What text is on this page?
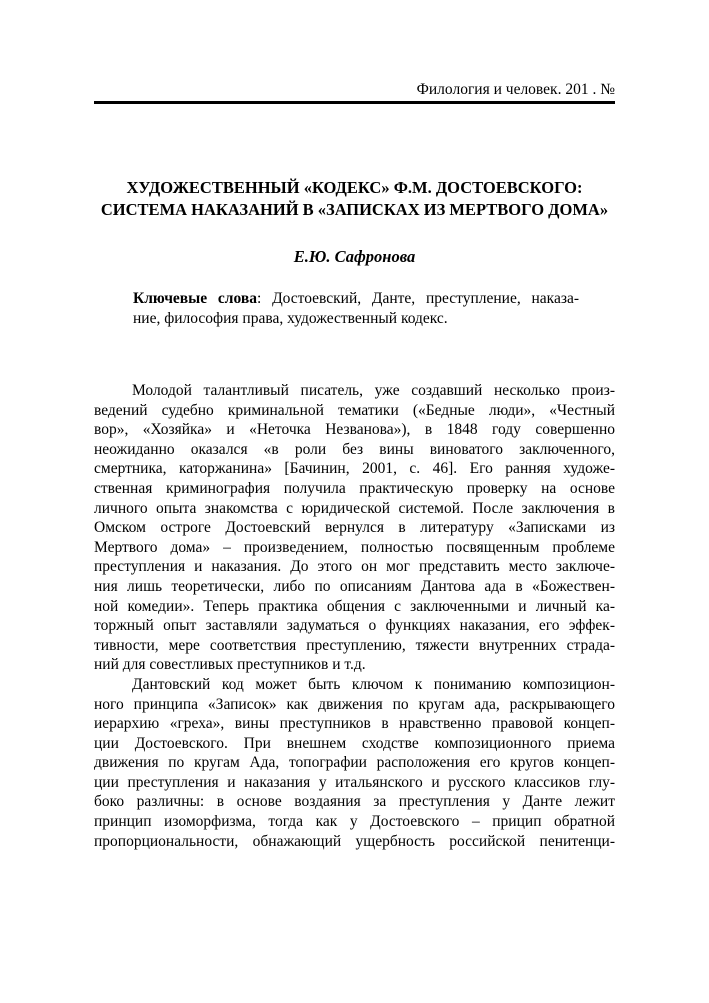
Филология и человек. 201 . №
ХУДОЖЕСТВЕННЫЙ «КОДЕКС» Ф.М. ДОСТОЕВСКОГО:
СИСТЕМА НАКАЗАНИЙ В «ЗАПИСКАХ ИЗ МЕРТВОГО ДОМА»
Е.Ю. Сафронова
Ключевые слова: Достоевский, Данте, преступление, наказа-
ние, философия права, художественный кодекс.
Молодой талантливый писатель, уже создавший несколько произ-
ведений судебно криминальной тематики («Бедные люди», «Честный
вор», «Хозяйка» и «Неточка Незванова»), в 1848 году совершенно
неожиданно оказался «в роли без вины виноватого заключенного,
смертника, каторжанина» [Бачинин, 2001, с. 46]. Его ранняя художе-
ственная криминография получила практическую проверку на основе
личного опыта знакомства с юридической системой. После заключения в
Омском остроге Достоевский вернулся в литературу «Записками из
Мертвого дома» – произведением, полностью посвященным проблеме
преступления и наказания. До этого он мог представить место заключе-
ния лишь теоретически, либо по описаниям Дантова ада в «Божествен-
ной комедии». Теперь практика общения с заключенными и личный ка-
торжный опыт заставляли задуматься о функциях наказания, его эффек-
тивности, мере соответствия преступлению, тяжести внутренних страда-
ний для совестливых преступников и т.д.
Дантовский код может быть ключом к пониманию композицион-
ного принципа «Записок» как движения по кругам ада, раскрывающего
иерархию «греха», вины преступников в нравственно правовой концеп-
ции Достоевского. При внешнем сходстве композиционного приема
движения по кругам Ада, топографии расположения его кругов концеп-
ции преступления и наказания у итальянского и русского классиков глу-
боко различны: в основе воздаяния за преступления у Данте лежит
принцип изоморфизма, тогда как у Достоевского – прицип обратной
пропорциональности, обнажающий ущербность российской пенитенци-
